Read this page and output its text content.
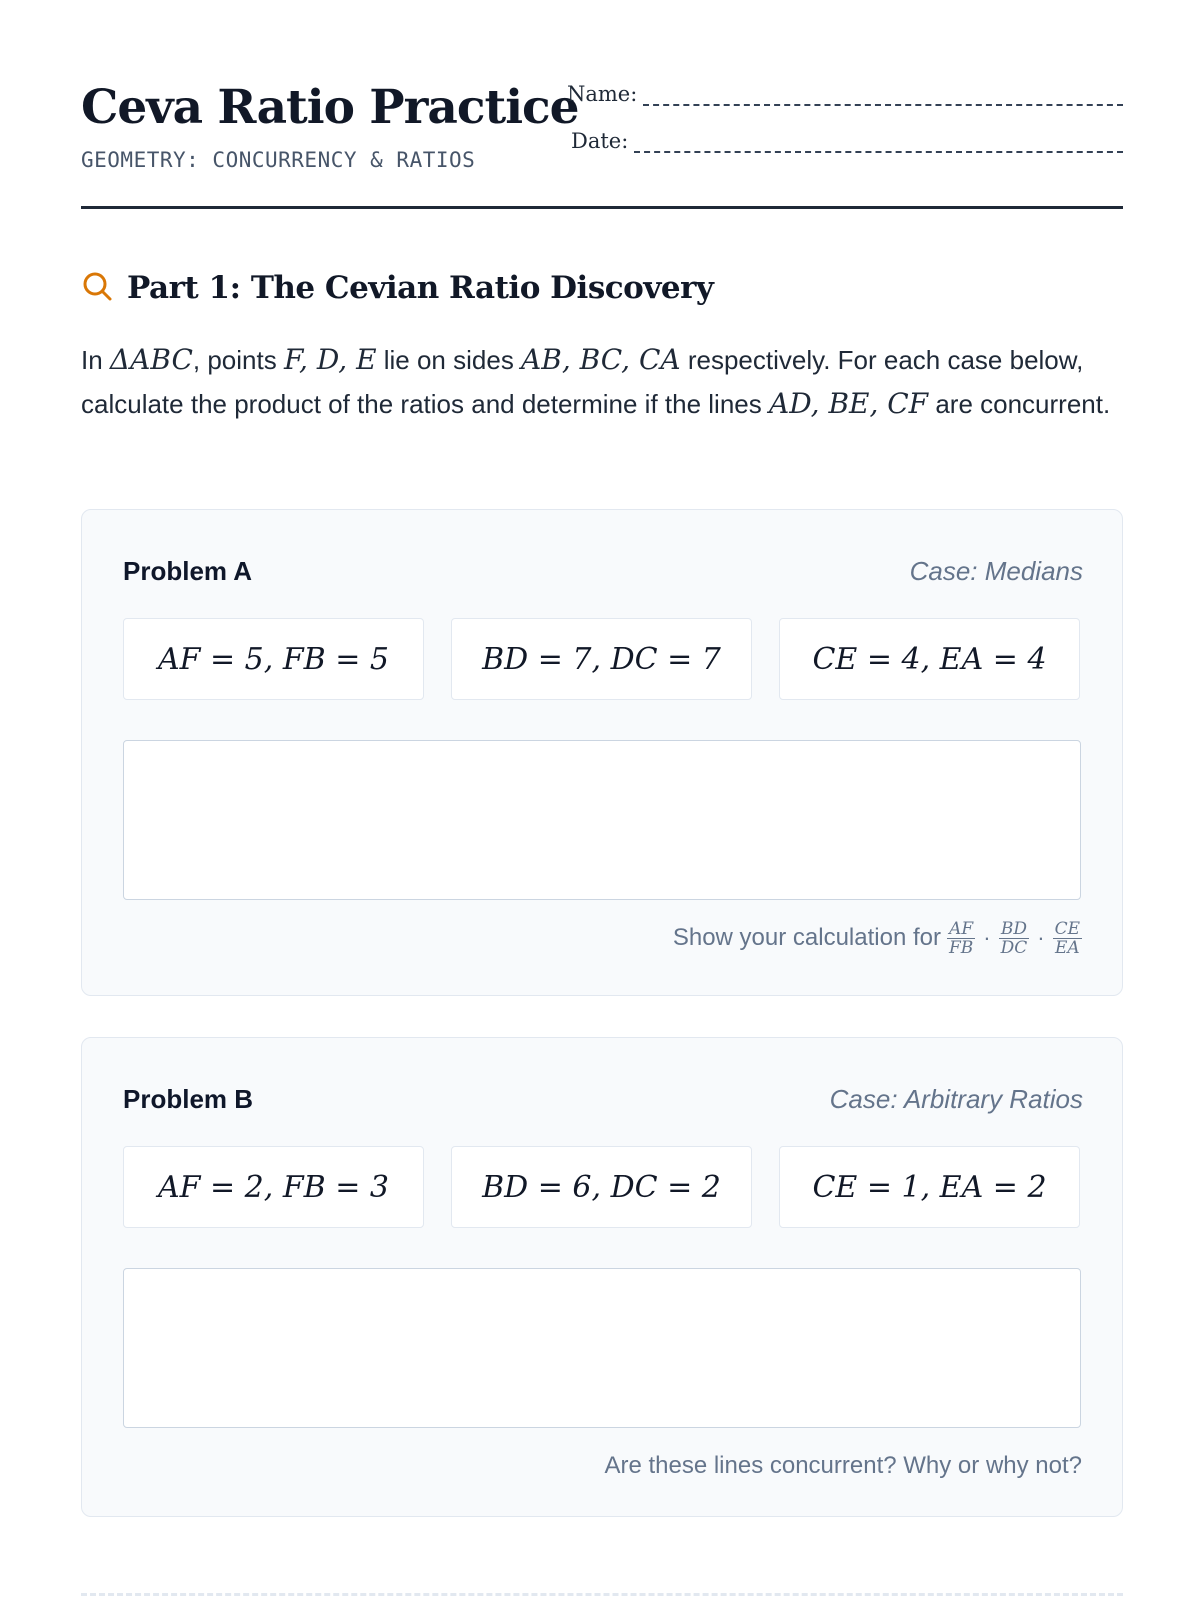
Ceva Ratio Practice
GEOMETRY: CONCURRENCY & RATIOS
Name:
Date:
Part 1: The Cevian Ratio Discovery

In ΔABC, points F, D, E lie on sides AB, BC, CA respectively. For each case below, calculate the product of the ratios and determine if the lines AD, BE, CF are concurrent.

Problem A	Case: Medians
AF = 5, FB = 5	BD = 7, DC = 7	CE = 4, EA = 4
Show your calculation for $\frac{AF}{FB} \cdot \frac{BD}{DC} \cdot \frac{CE}{EA}$
Problem B	Case: Arbitrary Ratios
AF = 2, FB = 3	BD = 6, DC = 2	CE = 1, EA = 2
Are these lines concurrent? Why or why not?
